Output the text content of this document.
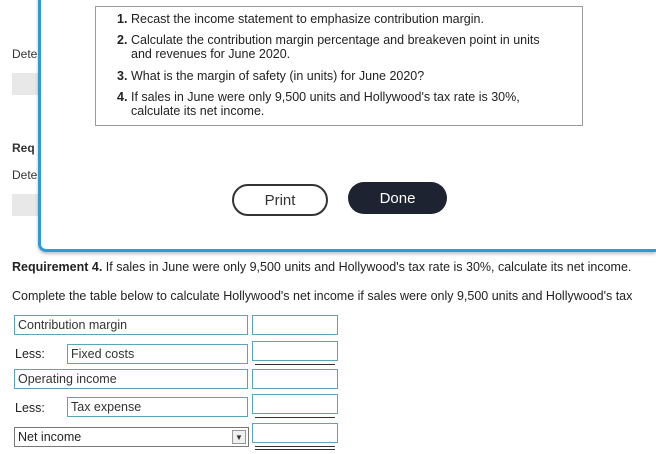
Dete
Req
Dete
1. Recast the income statement to emphasize contribution margin.
2. Calculate the contribution margin percentage and breakeven point in units and revenues for June 2020.
3. What is the margin of safety (in units) for June 2020?
4. If sales in June were only 9,500 units and Hollywood's tax rate is 30%, calculate its net income.
Print	Done
Requirement 4. If sales in June were only 9,500 units and Hollywood's tax rate is 30%, calculate its net income.
Complete the table below to calculate Hollywood's net income if sales were only 9,500 units and Hollywood's tax
Contribution margin
Less:	Fixed costs
Operating income
Less:	Tax expense
Net income	▼
